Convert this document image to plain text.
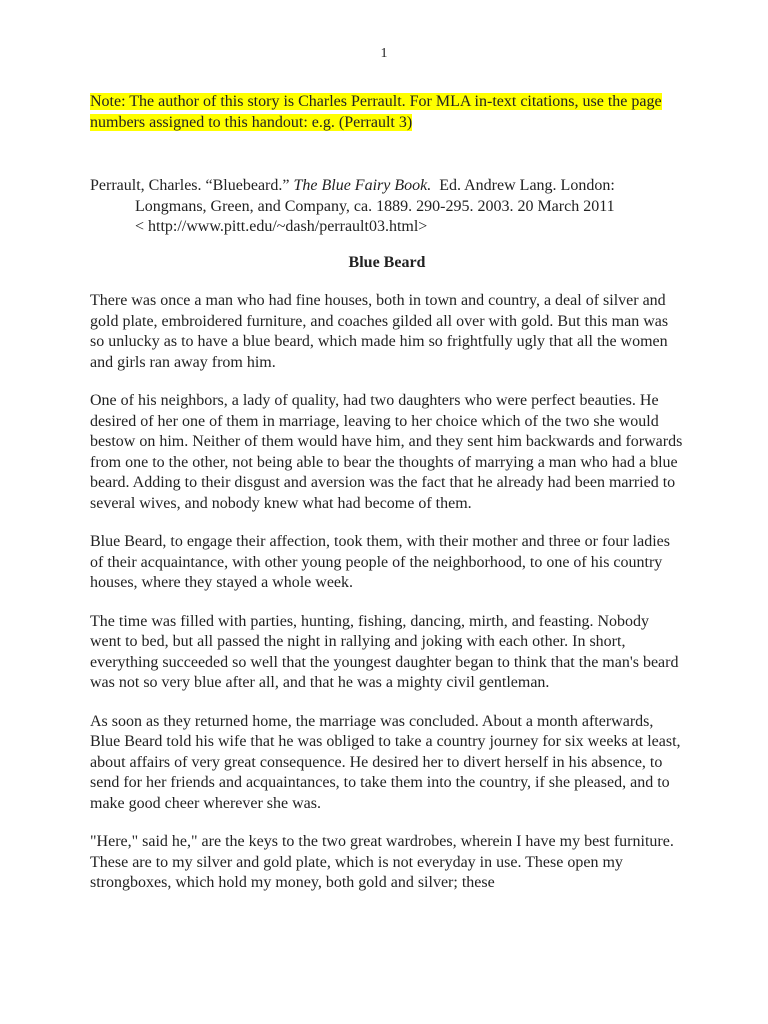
1

Note: The author of this story is Charles Perrault. For MLA in-text citations, use the page numbers assigned to this handout: e.g. (Perrault 3)

Perrault, Charles. “Bluebeard.” The Blue Fairy Book.  Ed. Andrew Lang. London:
Longmans, Green, and Company, ca. 1889. 290-295. 2003. 20 March 2011
< http://www.pitt.edu/~dash/perrault03.html>

Blue Beard

There was once a man who had fine houses, both in town and country, a deal of silver and gold plate, embroidered furniture, and coaches gilded all over with gold. But this man was so unlucky as to have a blue beard, which made him so frightfully ugly that all the women and girls ran away from him.

One of his neighbors, a lady of quality, had two daughters who were perfect beauties. He desired of her one of them in marriage, leaving to her choice which of the two she would bestow on him. Neither of them would have him, and they sent him backwards and forwards from one to the other, not being able to bear the thoughts of marrying a man who had a blue beard. Adding to their disgust and aversion was the fact that he already had been married to several wives, and nobody knew what had become of them.

Blue Beard, to engage their affection, took them, with their mother and three or four ladies of their acquaintance, with other young people of the neighborhood, to one of his country houses, where they stayed a whole week.

The time was filled with parties, hunting, fishing, dancing, mirth, and feasting. Nobody went to bed, but all passed the night in rallying and joking with each other. In short, everything succeeded so well that the youngest daughter began to think that the man's beard was not so very blue after all, and that he was a mighty civil gentleman.

As soon as they returned home, the marriage was concluded. About a month afterwards, Blue Beard told his wife that he was obliged to take a country journey for six weeks at least, about affairs of very great consequence. He desired her to divert herself in his absence, to send for her friends and acquaintances, to take them into the country, if she pleased, and to make good cheer wherever she was.

"Here," said he," are the keys to the two great wardrobes, wherein I have my best furniture. These are to my silver and gold plate, which is not everyday in use. These open my strongboxes, which hold my money, both gold and silver; these
